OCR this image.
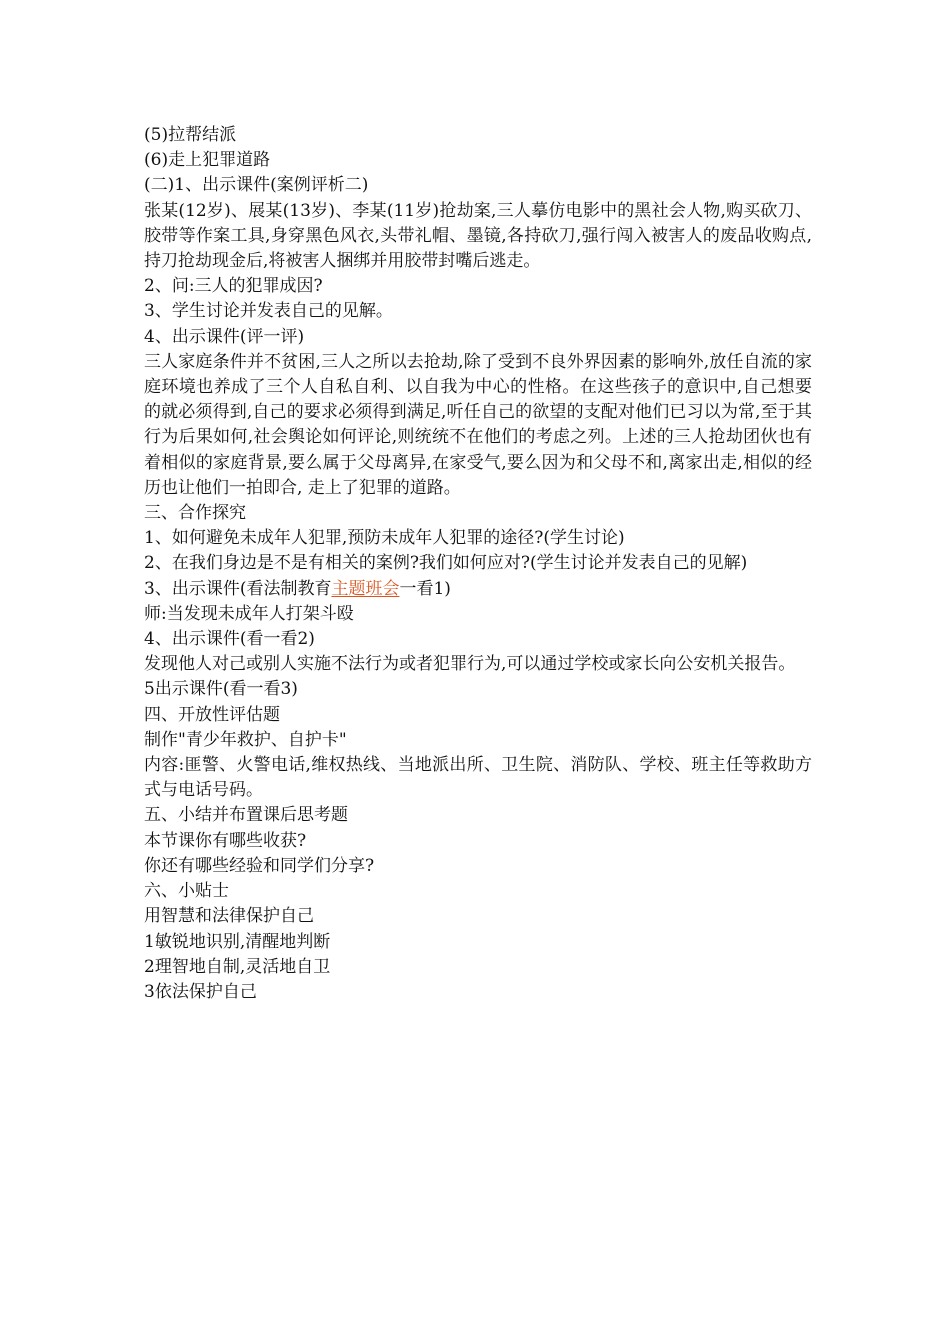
(5)拉帮结派
(6)走上犯罪道路
(二)1、出示课件(案例评析二)
张某(12岁)、展某(13岁)、李某(11岁)抢劫案,三人摹仿电影中的黑社会人物,购买砍刀、胶带等作案工具,身穿黑色风衣,头带礼帽、墨镜,各持砍刀,强行闯入被害人的废品收购点,持刀抢劫现金后,将被害人捆绑并用胶带封嘴后逃走。
2、问:三人的犯罪成因?
3、学生讨论并发表自己的见解。
4、出示课件(评一评)
三人家庭条件并不贫困,三人之所以去抢劫,除了受到不良外界因素的影响外,放任自流的家庭环境也养成了三个人自私自利、以自我为中心的性格。在这些孩子的意识中,自己想要的就必须得到,自己的要求必须得到满足,听任自己的欲望的支配对他们已习以为常,至于其行为后果如何,社会舆论如何评论,则统统不在他们的考虑之列。上述的三人抢劫团伙也有着相似的家庭背景,要么属于父母离异,在家受气,要么因为和父母不和,离家出走,相似的经历也让他们一拍即合, 走上了犯罪的道路。
三、合作探究
1、如何避免未成年人犯罪,预防未成年人犯罪的途径?(学生讨论)
2、在我们身边是不是有相关的案例?我们如何应对?(学生讨论并发表自己的见解)
3、出示课件(看法制教育主题班会一看1)
师:当发现未成年人打架斗殴
4、出示课件(看一看2)
发现他人对己或别人实施不法行为或者犯罪行为,可以通过学校或家长向公安机关报告。
5出示课件(看一看3)
四、开放性评估题
制作"青少年救护、自护卡"
内容:匪警、火警电话,维权热线、当地派出所、卫生院、消防队、学校、班主任等救助方式与电话号码。
五、小结并布置课后思考题
本节课你有哪些收获?
你还有哪些经验和同学们分享?
六、小贴士
用智慧和法律保护自己
1敏锐地识别,清醒地判断
2理智地自制,灵活地自卫
3依法保护自己
